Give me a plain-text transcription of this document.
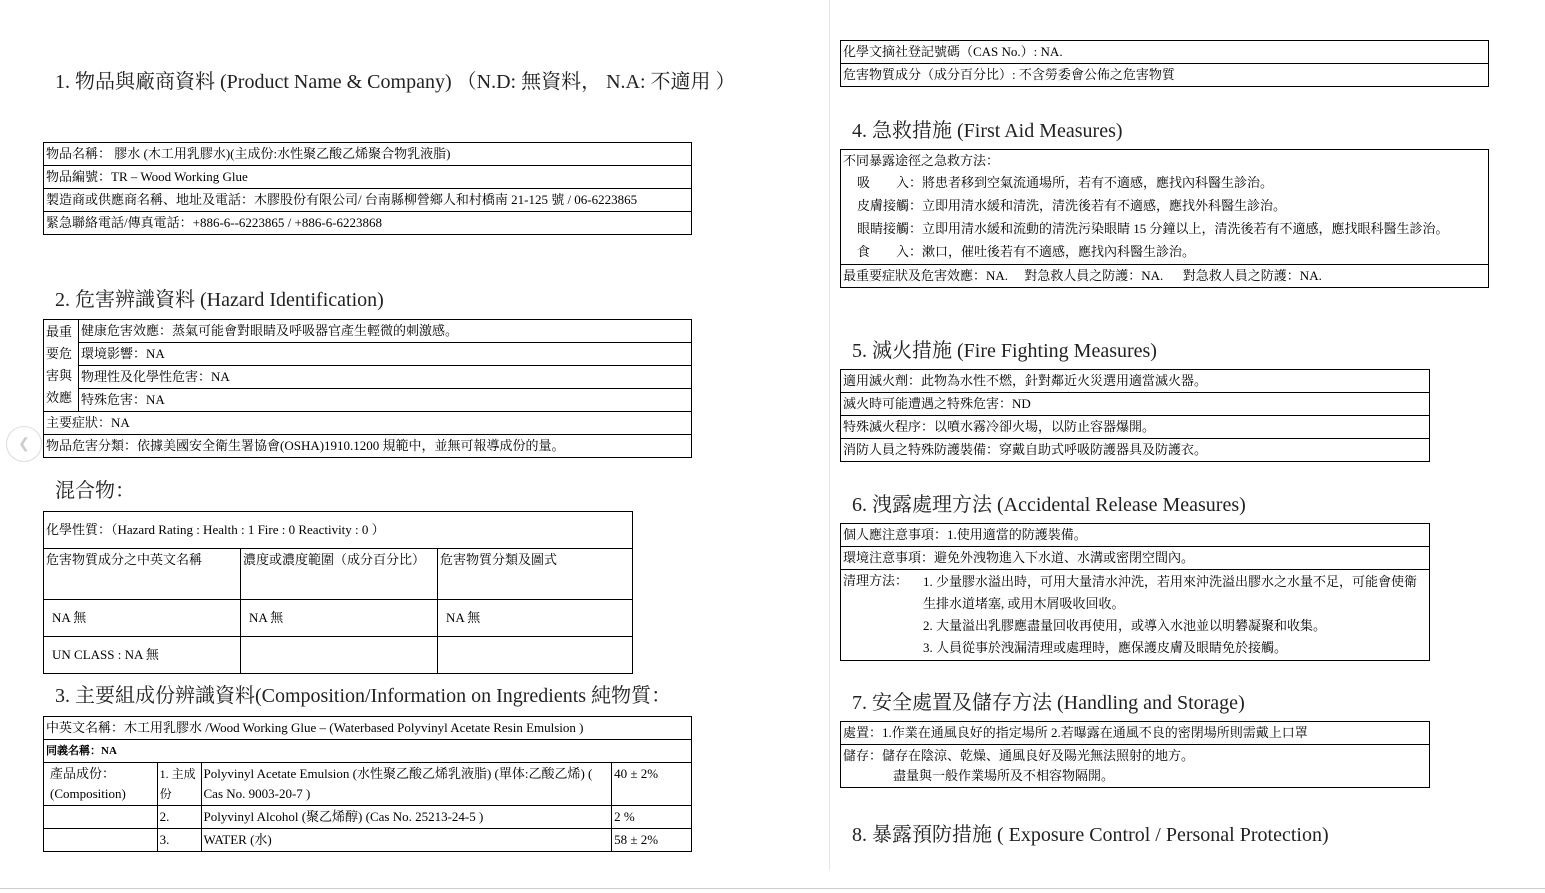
❮
1. 物品與廠商資料 (Product Name & Company) （N.D: 無資料， N.A: 不適用 ）
物品名稱： 膠水 (木工用乳膠水)(主成份:水性聚乙酸乙烯聚合物乳液脂)
物品編號：TR – Wood Working Glue
製造商或供應商名稱、地址及電話：木膠股份有限公司/ 台南縣柳營鄉人和村橋南 21-125 號 / 06-6223865
緊急聯絡電話/傳真電話：+886-6--6223865 / +886-6-6223868
2. 危害辨識資料 (Hazard Identification)
最重要危害與效應	健康危害效應：蒸氣可能會對眼睛及呼吸器官產生輕微的刺激感。
環境影響：NA
物理性及化學性危害：NA
特殊危害：NA
主要症狀：NA
物品危害分類：依據美國安全衛生署協會(OSHA)1910.1200 規範中，並無可報導成份的量。
混合物：
化學性質：（Hazard Rating : Health : 1 Fire : 0 Reactivity : 0 ）		
危害物質成分之中英文名稱	濃度或濃度範圍（成分百分比）	危害物質分類及圖式
NA 無	NA 無	NA 無
UN CLASS : NA 無		
3. 主要組成份辨識資料(Composition/Information on Ingredients 純物質：
中英文名稱：木工用乳膠水 /Wood Working Glue – (Waterbased Polyvinyl Acetate Resin Emulsion )			
同義名稱：NA			
產品成份：(Composition)	1. 主成份	Polyvinyl Acetate Emulsion (水性聚乙酸乙烯乳液脂) (單体:乙酸乙烯) ( Cas No. 9003-20-7 )	40 ± 2%
	2.	Polyvinyl Alcohol (聚乙烯醇) (Cas No. 25213-24-5 )	2 %
	3.	WATER (水)	58 ± 2%
化學文摘社登記號碼（CAS No.）: NA.
危害物質成分（成分百分比）: 不含勞委會公佈之危害物質
4. 急救措施 (First Aid Measures)
不同暴露途徑之急救方法：
吸　　入：將患者移到空氣流通場所，若有不適感，應找內科醫生診治。
皮膚接觸：立即用清水緩和清洗，清洗後若有不適感，應找外科醫生診治。
眼睛接觸：立即用清水緩和流動的清洗污染眼睛 15 分鐘以上，清洗後若有不適感，應找眼科醫生診治。
食　　入：漱口，催吐後若有不適感，應找內科醫生診治。

最重要症狀及危害效應：NA.     對急救人員之防護：NA.      對急救人員之防護：NA.
5. 滅火措施 (Fire Fighting Measures)
適用滅火劑：此物為水性不燃，針對鄰近火災選用適當滅火器。
滅火時可能遭遇之特殊危害：ND
特殊滅火程序：以噴水霧冷卻火場，以防止容器爆開。
消防人員之特殊防護裝備：穿戴自助式呼吸防護器具及防護衣。
6. 洩露處理方法 (Accidental Release Measures)
個人應注意事項：1.使用適當的防護裝備。
環境注意事項：避免外洩物進入下水道、水溝或密閉空間內。

清理方法：	1. 少量膠水溢出時，可用大量清水沖洗，若用來沖洗溢出膠水之水量不足，可能會使衛生排水道堵塞, 或用木屑吸收回收。
2. 大量溢出乳膠應盡量回收再使用，或導入水池並以明礬凝聚和收集。
3. 人員從事於洩漏清理或處理時，應保護皮膚及眼睛免於接觸。
7. 安全處置及儲存方法 (Handling and Storage)
處置：1.作業在通風良好的指定場所 2.若曝露在通風不良的密閉場所則需戴上口罩

儲存：儲存在陰涼、乾燥、通風良好及陽光無法照射的地方。
盡量與一般作業場所及不相容物隔開。
8. 暴露預防措施 ( Exposure Control / Personal Protection)
